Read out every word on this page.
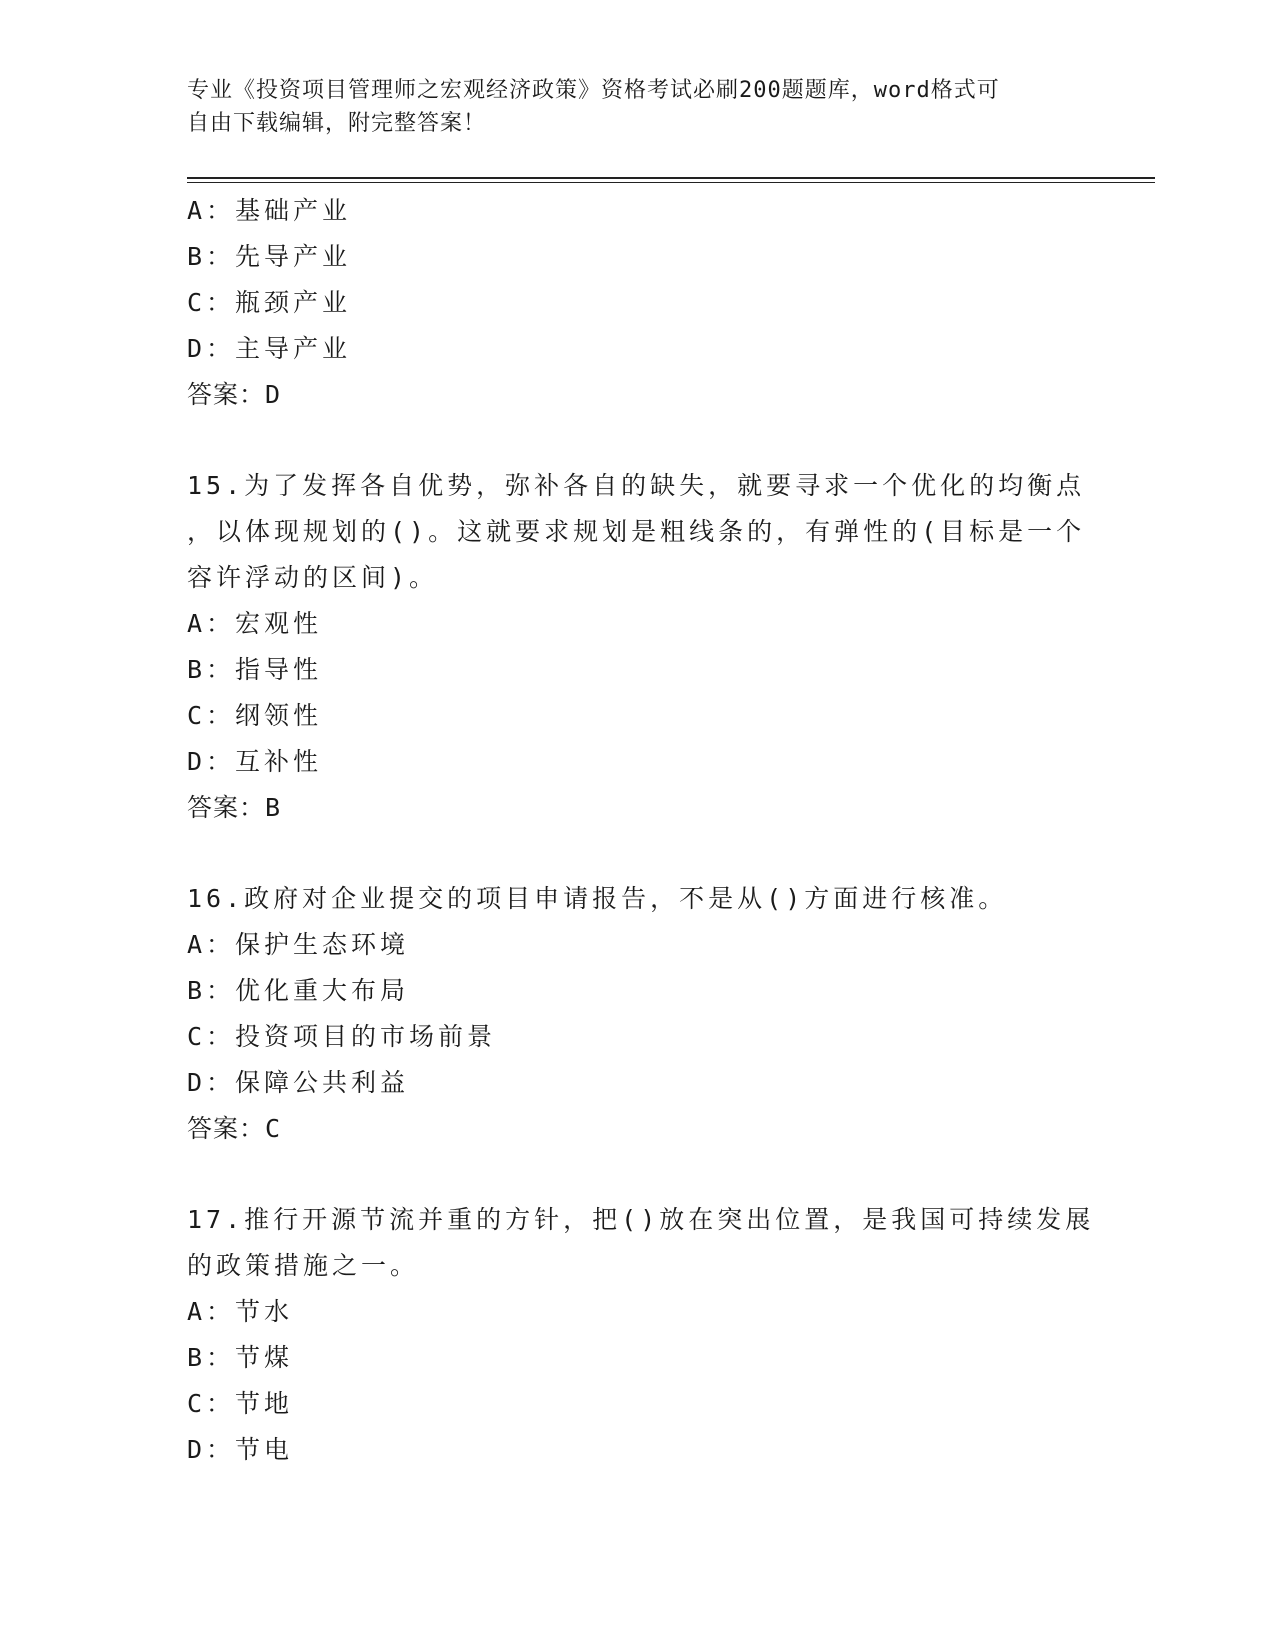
专业《投资项目管理师之宏观经济政策》资格考试必刷200题题库，word格式可
自由下载编辑，附完整答案！
A：基础产业
B：先导产业
C：瓶颈产业
D：主导产业
答案：D
15.为了发挥各自优势，弥补各自的缺失，就要寻求一个优化的均衡点
，以体现规划的()。这就要求规划是粗线条的，有弹性的(目标是一个
容许浮动的区间)。
A：宏观性
B：指导性
C：纲领性
D：互补性
答案：B
16.政府对企业提交的项目申请报告，不是从()方面进行核准。
A：保护生态环境
B：优化重大布局
C：投资项目的市场前景
D：保障公共利益
答案：C
17.推行开源节流并重的方针，把()放在突出位置，是我国可持续发展
的政策措施之一。
A：节水
B：节煤
C：节地
D：节电
